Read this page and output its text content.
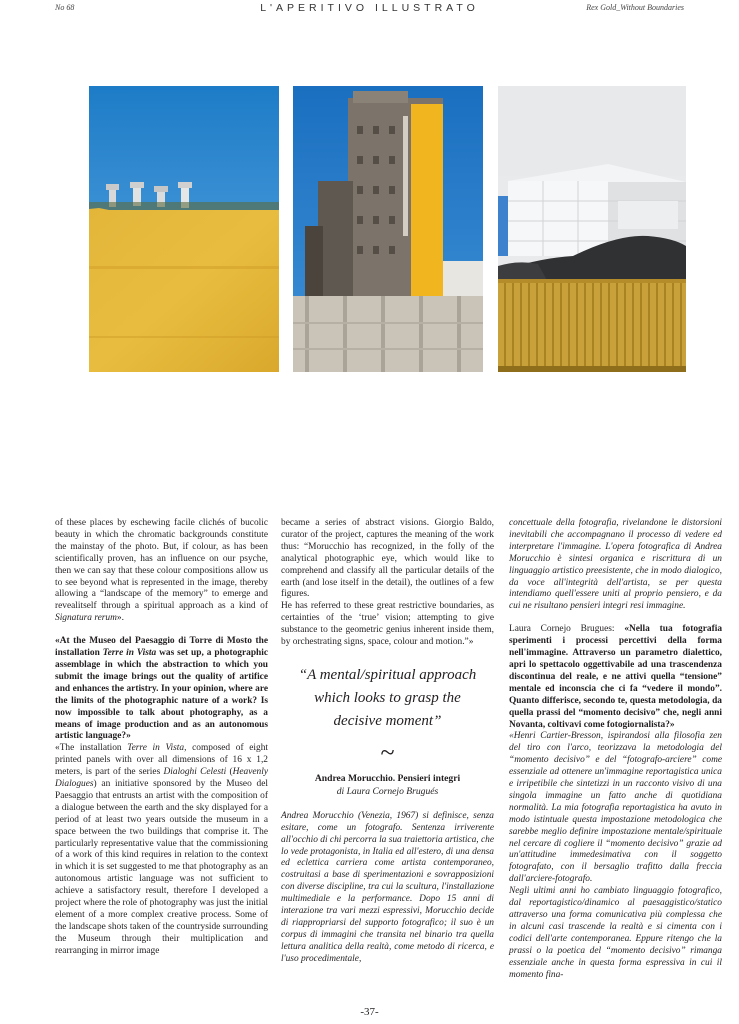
No 68	L'APERITIVO ILLUSTRATO	Rex Gold_Without Boundaries

of these places by eschewing facile clichés of bucolic beauty in which the chromatic backgrounds constitute the mainstay of the photo. But, if colour, as has been scientifically proven, has an influence on our psyche, then we can say that these colour compositions allow us to see beyond what is represented in the image, thereby allowing a “landscape of the memory” to emerge and revealitself through a spiritual approach as a kind of Signatura rerum».

«At the Museo del Paesaggio di Torre di Mosto the installation Terre in Vista was set up, a photographic assemblage in which the abstraction to which you submit the image brings out the quality of artifice and enhances the artistry. In your opinion, where are the limits of the photographic nature of a work? Is now impossible to talk about photography, as a means of image production and as an autonomous artistic language?»

«The installation Terre in Vista, composed of eight printed panels with over all dimensions of 16 x 1,2 meters, is part of the series Dialoghi Celesti (Heavenly Dialogues) an initiative sponsored by the Museo del Paesaggio that entrusts an artist with the composition of a dialogue between the earth and the sky displayed for a period of at least two years outside the museum in a space between the two buildings that comprise it. The particularly representative value that the commissioning of a work of this kind requires in relation to the context in which it is set suggested to me that photography as an autonomous artistic language was not sufficient to achieve a satisfactory result, therefore I developed a project where the role of photography was just the initial element of a more complex creative process. Some of the landscape shots taken of the countryside surrounding the Museum through their multiplication and rearranging in mirror image

became a series of abstract visions. Giorgio Baldo, curator of the project, captures the meaning of the work thus: “Morucchio has recognized, in the folly of the analytical photographic eye, which would like to comprehend and classify all the particular details of the earth (and lose itself in the detail), the outlines of a few figures.

He has referred to these great restrictive boundaries, as certainties of the ‘true’ vision; attempting to give substance to the geometric genius inherent inside them, by orchestrating signs, space, colour and motion.”»

“A mental/spiritual approach which looks to grasp the decisive moment”
~
Andrea Morucchio. Pensieri integri
di Laura Cornejo Brugués

Andrea Morucchio (Venezia, 1967) si definisce, senza esitare, come un fotografo. Sentenza irriverente all'occhio di chi percorra la sua traiettoria artistica, che lo vede protagonista, in Italia ed all'estero, di una densa ed eclettica carriera come artista contemporaneo, costruitasi a base di sperimentazioni e sovrapposizioni con diverse discipline, tra cui la scultura, l'installazione multimediale e la performance. Dopo 15 anni di interazione tra vari mezzi espressivi, Morucchio decide di riappropriarsi del supporto fotografico; il suo è un corpus di immagini che transita nel binario tra quella lettura analitica della realtà, come metodo di ricerca, e l'uso procedimentale,

concettuale della fotografia, rivelandone le distorsioni inevitabili che accompagnano il processo di vedere ed interpretare l'immagine. L'opera fotografica di Andrea Morucchio è sintesi organica e riscrittura di un linguaggio artistico preesistente, che in modo dialogico, da voce all'integrità dell'artista, se per questa intendiamo quell'essere uniti al proprio pensiero, e da cui ne risultano pensieri integri resi immagine.

Laura Cornejo Brugues: «Nella tua fotografia sperimenti i processi percettivi della forma nell'immagine. Attraverso un parametro dialettico, apri lo spettacolo oggettivabile ad una trascendenza discontinua del reale, e ne attivi quella “tensione” mentale ed inconscia che ci fa “vedere il mondo”. Quanto differisce, secondo te, questa metodologia, da quella prassi del “momento decisivo” che, negli anni Novanta, coltivavi come fotogiornalista?»

«Henri Cartier-Bresson, ispirandosi alla filosofia zen del tiro con l'arco, teorizzava la metodologia del “momento decisivo” e del “fotografo-arciere” come essenziale ad ottenere un'immagine reportagistica unica e irripetibile che sintetizzi in un racconto visivo di una singola immagine un fatto anche di quotidiana normalità. La mia fotografia reportagistica ha avuto in modo istintuale questa impostazione metodologica che sarebbe meglio definire impostazione mentale/spirituale nel cercare di cogliere il “momento decisivo” grazie ad un'attitudine immedesimativa con il soggetto fotografato, con il bersaglio trafitto dalla freccia dall'arciere-fotografo.

Negli ultimi anni ho cambiato linguaggio fotografico, dal reportagistico/dinamico al paesaggistico/statico attraverso una forma comunicativa più complessa che in alcuni casi trascende la realtà e si cimenta con i codici dell'arte contemporanea. Eppure ritengo che la prassi o la poetica del “momento decisivo” rimanga essenziale anche in questa forma espressiva in cui il momento fina-

-37-
